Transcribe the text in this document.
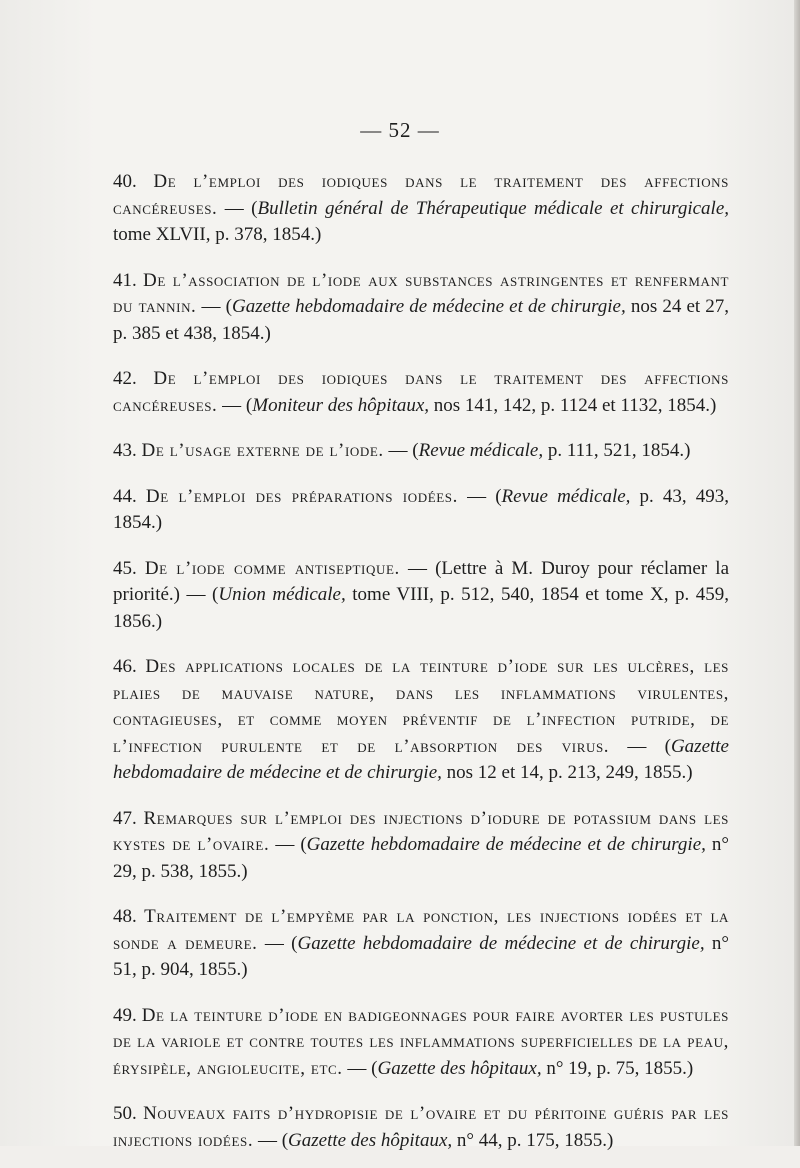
— 52 —

40. De l’emploi des iodiques dans le traitement des affections cancéreuses. — (Bulletin général de Thérapeutique médicale et chirurgicale, tome XLVII, p. 378, 1854.)

41. De l’association de l’iode aux substances astringentes et renfermant du tannin. — (Gazette hebdomadaire de médecine et de chirurgie, nos 24 et 27, p. 385 et 438, 1854.)

42. De l’emploi des iodiques dans le traitement des affections cancéreuses. — (Moniteur des hôpitaux, nos 141, 142, p. 1124 et 1132, 1854.)

43. De l’usage externe de l’iode. — (Revue médicale, p. 111, 521, 1854.)

44. De l’emploi des préparations iodées. — (Revue médicale, p. 43, 493, 1854.)

45. De l’iode comme antiseptique. — (Lettre à M. Duroy pour réclamer la priorité.) — (Union médicale, tome VIII, p. 512, 540, 1854 et tome X, p. 459, 1856.)

46. Des applications locales de la teinture d’iode sur les ulcères, les plaies de mauvaise nature, dans les inflammations virulentes, contagieuses, et comme moyen préventif de l’infection putride, de l’infection purulente et de l’absorption des virus. — (Gazette hebdomadaire de médecine et de chirurgie, nos 12 et 14, p. 213, 249, 1855.)

47. Remarques sur l’emploi des injections d’iodure de potassium dans les kystes de l’ovaire. — (Gazette hebdomadaire de médecine et de chirurgie, n° 29, p. 538, 1855.)

48. Traitement de l’empyème par la ponction, les injections iodées et la sonde a demeure. — (Gazette hebdomadaire de médecine et de chirurgie, n° 51, p. 904, 1855.)

49. De la teinture d’iode en badigeonnages pour faire avorter les pustules de la variole et contre toutes les inflammations superficielles de la peau, érysipèle, angioleucite, etc. — (Gazette des hôpitaux, n° 19, p. 75, 1855.)

50. Nouveaux faits d’hydropisie de l’ovaire et du péritoine guéris par les injections iodées. — (Gazette des hôpitaux, n° 44, p. 175, 1855.)
